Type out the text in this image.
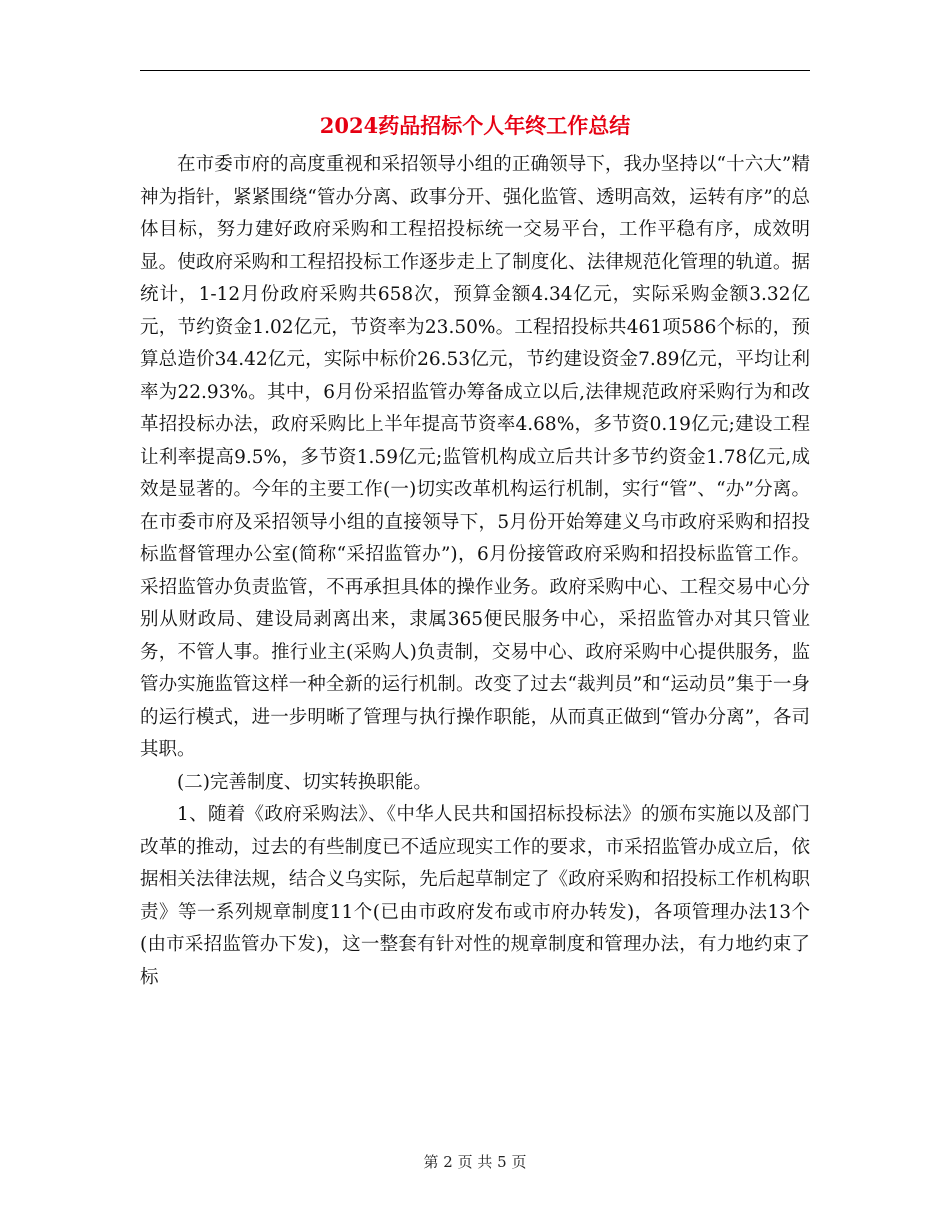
2024药品招标个人年终工作总结

在市委市府的高度重视和采招领导小组的正确领导下，我办坚持以“十六大”精神为指针，紧紧围绕“管办分离、政事分开、强化监管、透明高效，运转有序”的总体目标，努力建好政府采购和工程招投标统一交易平台，工作平稳有序，成效明显。使政府采购和工程招投标工作逐步走上了制度化、法律规范化管理的轨道。据统计，1-12月份政府采购共658次，预算金额4.34亿元，实际采购金额3.32亿元，节约资金1.02亿元，节资率为23.50%。工程招投标共461项586个标的，预算总造价34.42亿元，实际中标价26.53亿元，节约建设资金7.89亿元，平均让利率为22.93%。其中，6月份采招监管办筹备成立以后,法律规范政府采购行为和改革招投标办法，政府采购比上半年提高节资率4.68%，多节资0.19亿元;建设工程让利率提高9.5%，多节资1.59亿元;监管机构成立后共计多节约资金1.78亿元,成效是显著的。今年的主要工作(一)切实改革机构运行机制，实行“管”、“办”分离。在市委市府及采招领导小组的直接领导下，5月份开始筹建义乌市政府采购和招投标监督管理办公室(简称“采招监管办”)，6月份接管政府采购和招投标监管工作。采招监管办负责监管，不再承担具体的操作业务。政府采购中心、工程交易中心分别从财政局、建设局剥离出来，隶属365便民服务中心，采招监管办对其只管业务，不管人事。推行业主(采购人)负责制，交易中心、政府采购中心提供服务，监管办实施监管这样一种全新的运行机制。改变了过去“裁判员”和“运动员”集于一身的运行模式，进一步明晰了管理与执行操作职能，从而真正做到“管办分离”，各司其职。

(二)完善制度、切实转换职能。

1、随着《政府采购法》、《中华人民共和国招标投标法》的颁布实施以及部门改革的推动，过去的有些制度已不适应现实工作的要求，市采招监管办成立后，依据相关法律法规，结合义乌实际，先后起草制定了《政府采购和招投标工作机构职责》等一系列规章制度11个(已由市政府发布或市府办转发)，各项管理办法13个(由市采招监管办下发)，这一整套有针对性的规章制度和管理办法，有力地约束了标

第 2 页 共 5 页
